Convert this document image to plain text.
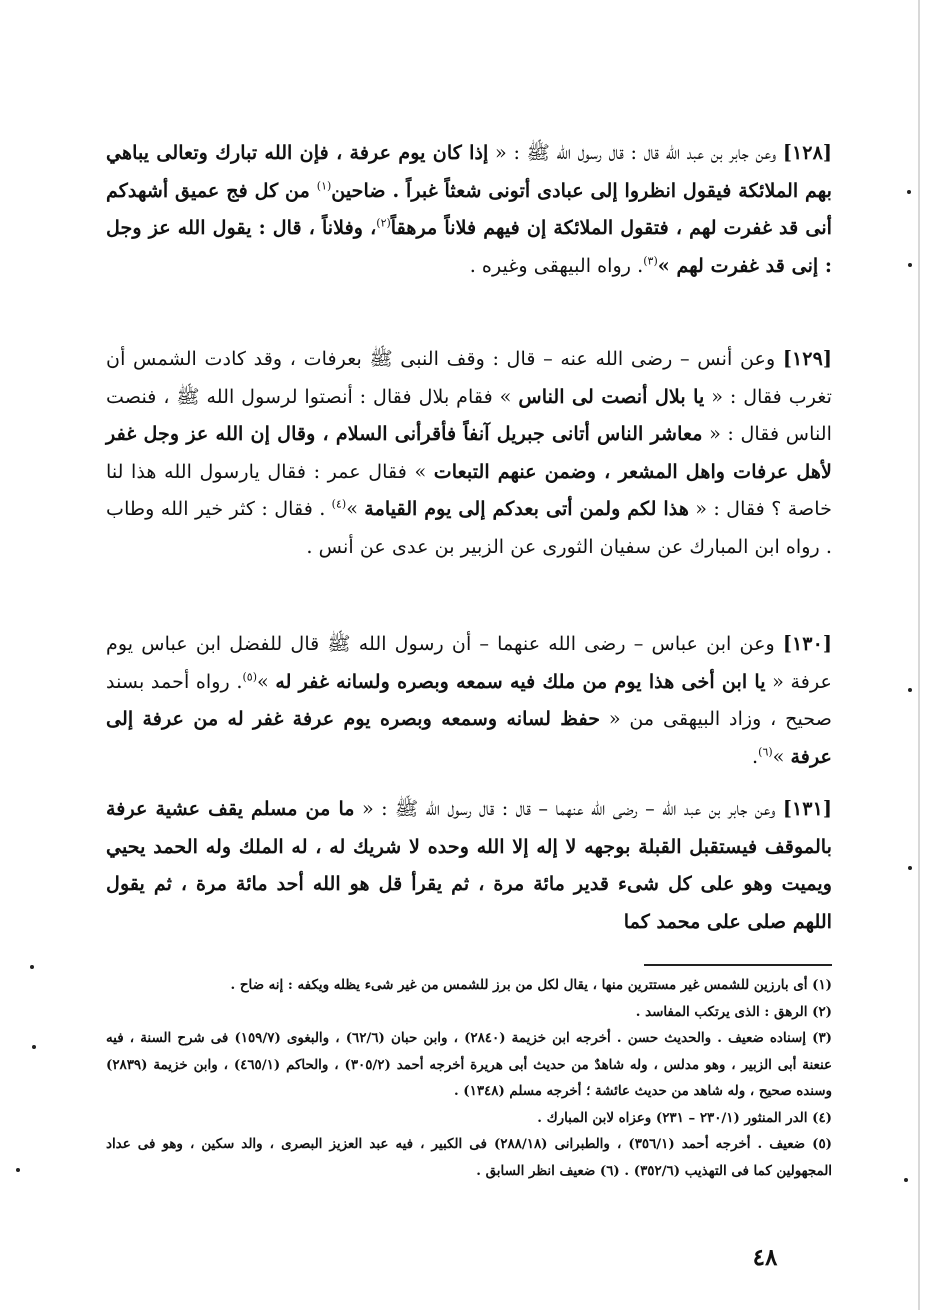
[١٢٨] وعن جابر بن عبد الله قال : قال رسول الله ﷺ : « إذا كان يوم عرفة ، فإن الله تبارك وتعالى يباهي بهم الملائكة فيقول انظروا إلى عبادى أتونى شعثاً غبراً . ضاحين$^{(١)}$ من كل فج عميق أشهدكم أنى قد غفرت لهم ، فتقول الملائكة إن فيهم فلاناً مرهقاً$^{(٢)}$، وفلاناً ، قال : يقول الله عز وجل : إنى قد غفرت لهم »$^{(٣)}$. رواه البيهقى وغيره .

[١٢٩] وعن أنس – رضى الله عنه – قال : وقف النبى ﷺ بعرفات ، وقد كادت الشمس أن تغرب فقال : « يا بلال أنصت لى الناس » فقام بلال فقال : أنصتوا لرسول الله ﷺ ، فنصت الناس فقال : « معاشر الناس أتانى جبريل آنفاً فأقرأنى السلام ، وقال إن الله عز وجل غفر لأهل عرفات واهل المشعر ، وضمن عنهم التبعات » فقال عمر : فقال يارسول الله هذا لنا خاصة ؟ فقال : « هذا لكم ولمن أتى بعدكم إلى يوم القيامة »$^{(٤)}$ . فقال : كثر خير الله وطاب . رواه ابن المبارك عن سفيان الثورى عن الزبير بن عدى عن أنس .

[١٣٠] وعن ابن عباس – رضى الله عنهما – أن رسول الله ﷺ قال للفضل ابن عباس يوم عرفة « يا ابن أخى هذا يوم من ملك فيه سمعه وبصره ولسانه غفر له »$^{(٥)}$. رواه أحمد بسند صحيح ، وزاد البيهقى من « حفظ لسانه وسمعه وبصره يوم عرفة غفر له من عرفة إلى عرفة »$^{(٦)}$.

[١٣١] وعن جابر بن عبد الله – رضى الله عنهما – قال : قال رسول الله ﷺ : « ما من مسلم يقف عشية عرفة بالموقف فيستقبل القبلة بوجهه لا إله إلا الله وحده لا شريك له ، له الملك وله الحمد يحيي ويميت وهو على كل شىء قدير مائة مرة ، ثم يقرأ قل هو الله أحد مائة مرة ، ثم يقول اللهم صلى على محمد كما

(١) أى بارزين للشمس غير مستترين منها ، يقال لكل من برز للشمس من غير شىء يظله ويكفه : إنه ضاح .

(٢) الرهق : الذى يرتكب المفاسد .

(٣) إسناده ضعيف . والحديث حسن . أخرجه ابن خزيمة (٢٨٤٠) ، وابن حبان (٦٢/٦) ، والبغوى (١٥٩/٧) فى شرح السنة ، فيه عنعنة أبى الزبير ، وهو مدلس ، وله شاهدٌ من حديث أبى هريرة أخرجه أحمد (٣٠٥/٢) ، والحاكم (٤٦٥/١) ، وابن خزيمة (٢٨٣٩) وسنده صحيح ، وله شاهد من حديث عائشة ؛ أخرجه مسلم (١٣٤٨) .

(٤) الدر المنثور (٢٣٠/١ – ٢٣١) وعزاه لابن المبارك .

(٥) ضعيف . أخرجه أحمد (٣٥٦/١) ، والطبرانى (٢٨٨/١٨) فى الكبير ، فيه عبد العزيز البصرى ، والد سكين ، وهو فى عداد المجهولين كما فى التهذيب (٣٥٢/٦) . (٦) ضعيف انظر السابق .

٤٨
